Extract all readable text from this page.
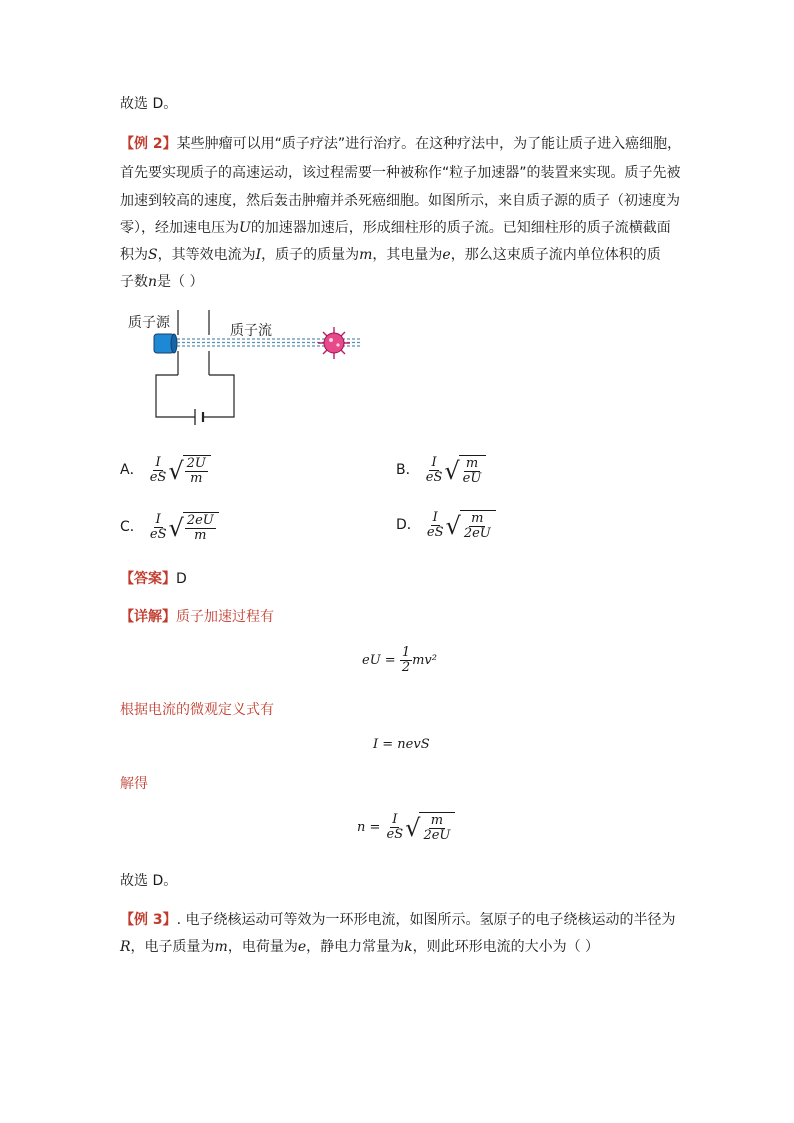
故选 D。
【例 2】某些肿瘤可以用“质子疗法”进行治疗。在这种疗法中，为了能让质子进入癌细胞，
首先要实现质子的高速运动，该过程需要一种被称作“粒子加速器”的装置来实现。质子先被
加速到较高的速度，然后轰击肿瘤并杀死癌细胞。如图所示，来自质子源的质子（初速度为
零），经加速电压为U的加速器加速后，形成细柱形的质子流。已知细柱形的质子流横截面
积为S，其等效电流为I，质子的质量为m，其电量为e，那么这束质子流内单位体积的质
子数n是（ ）
质子源	质子流
A． $\frac{I}{eS}$ √ $\frac{2U}{m}$	B． $\frac{I}{eS}$ √ $\frac{m}{eU}$
C． $\frac{I}{eS}$ √ $\frac{2eU}{m}$	D． $\frac{I}{eS}$ √ $\frac{m}{2eU}$
【答案】D
【详解】质子加速过程有
eU = $\frac{1}{2} mv^2$
根据电流的微观定义式有
I = nevS
解得
$n = \frac{I}{eS}$ √ $\frac{m}{2eU}$
故选 D。
【例 3】. 电子绕核运动可等效为一环形电流，如图所示。氢原子的电子绕核运动的半径为
R，电子质量为m，电荷量为e，静电力常量为k，则此环形电流的大小为（ ）
